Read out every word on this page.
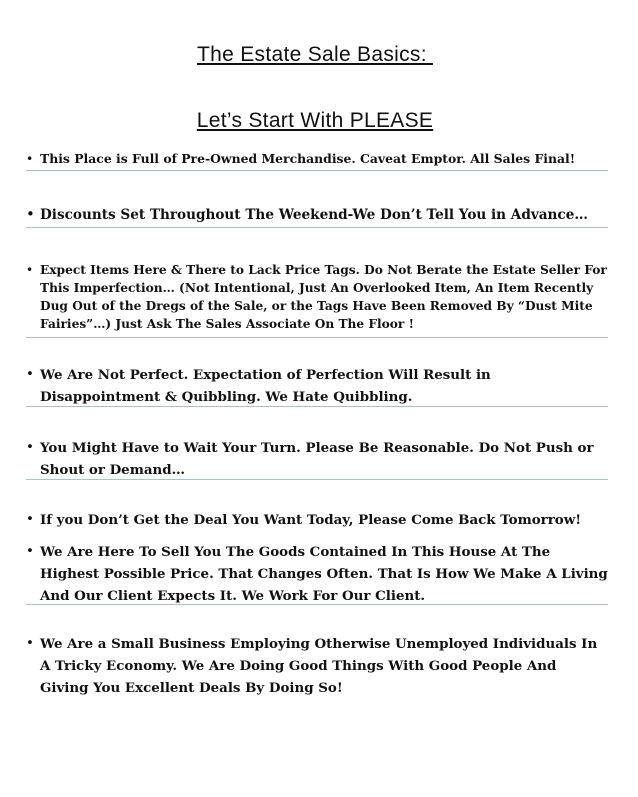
The Estate Sale Basics:
Let’s Start With PLEASE
• This Place is Full of Pre-Owned Merchandise. Caveat Emptor. All Sales Final!
• Discounts Set Throughout The Weekend-We Don’t Tell You in Advance…
• Expect Items Here & There to Lack Price Tags. Do Not Berate the Estate Seller For This Imperfection… (Not Intentional, Just An Overlooked Item, An Item Recently Dug Out of the Dregs of the Sale, or the Tags Have Been Removed By “Dust Mite Fairies”…) Just Ask The Sales Associate On The Floor !
• We Are Not Perfect. Expectation of Perfection Will Result in Disappointment & Quibbling. We Hate Quibbling.
• You Might Have to Wait Your Turn. Please Be Reasonable. Do Not Push or Shout or Demand…
• If you Don’t Get the Deal You Want Today, Please Come Back Tomorrow!
• We Are Here To Sell You The Goods Contained In This House At The Highest Possible Price. That Changes Often. That Is How We Make A Living And Our Client Expects It. We Work For Our Client.
• We Are a Small Business Employing Otherwise Unemployed Individuals In A Tricky Economy. We Are Doing Good Things With Good People And Giving You Excellent Deals By Doing So!
